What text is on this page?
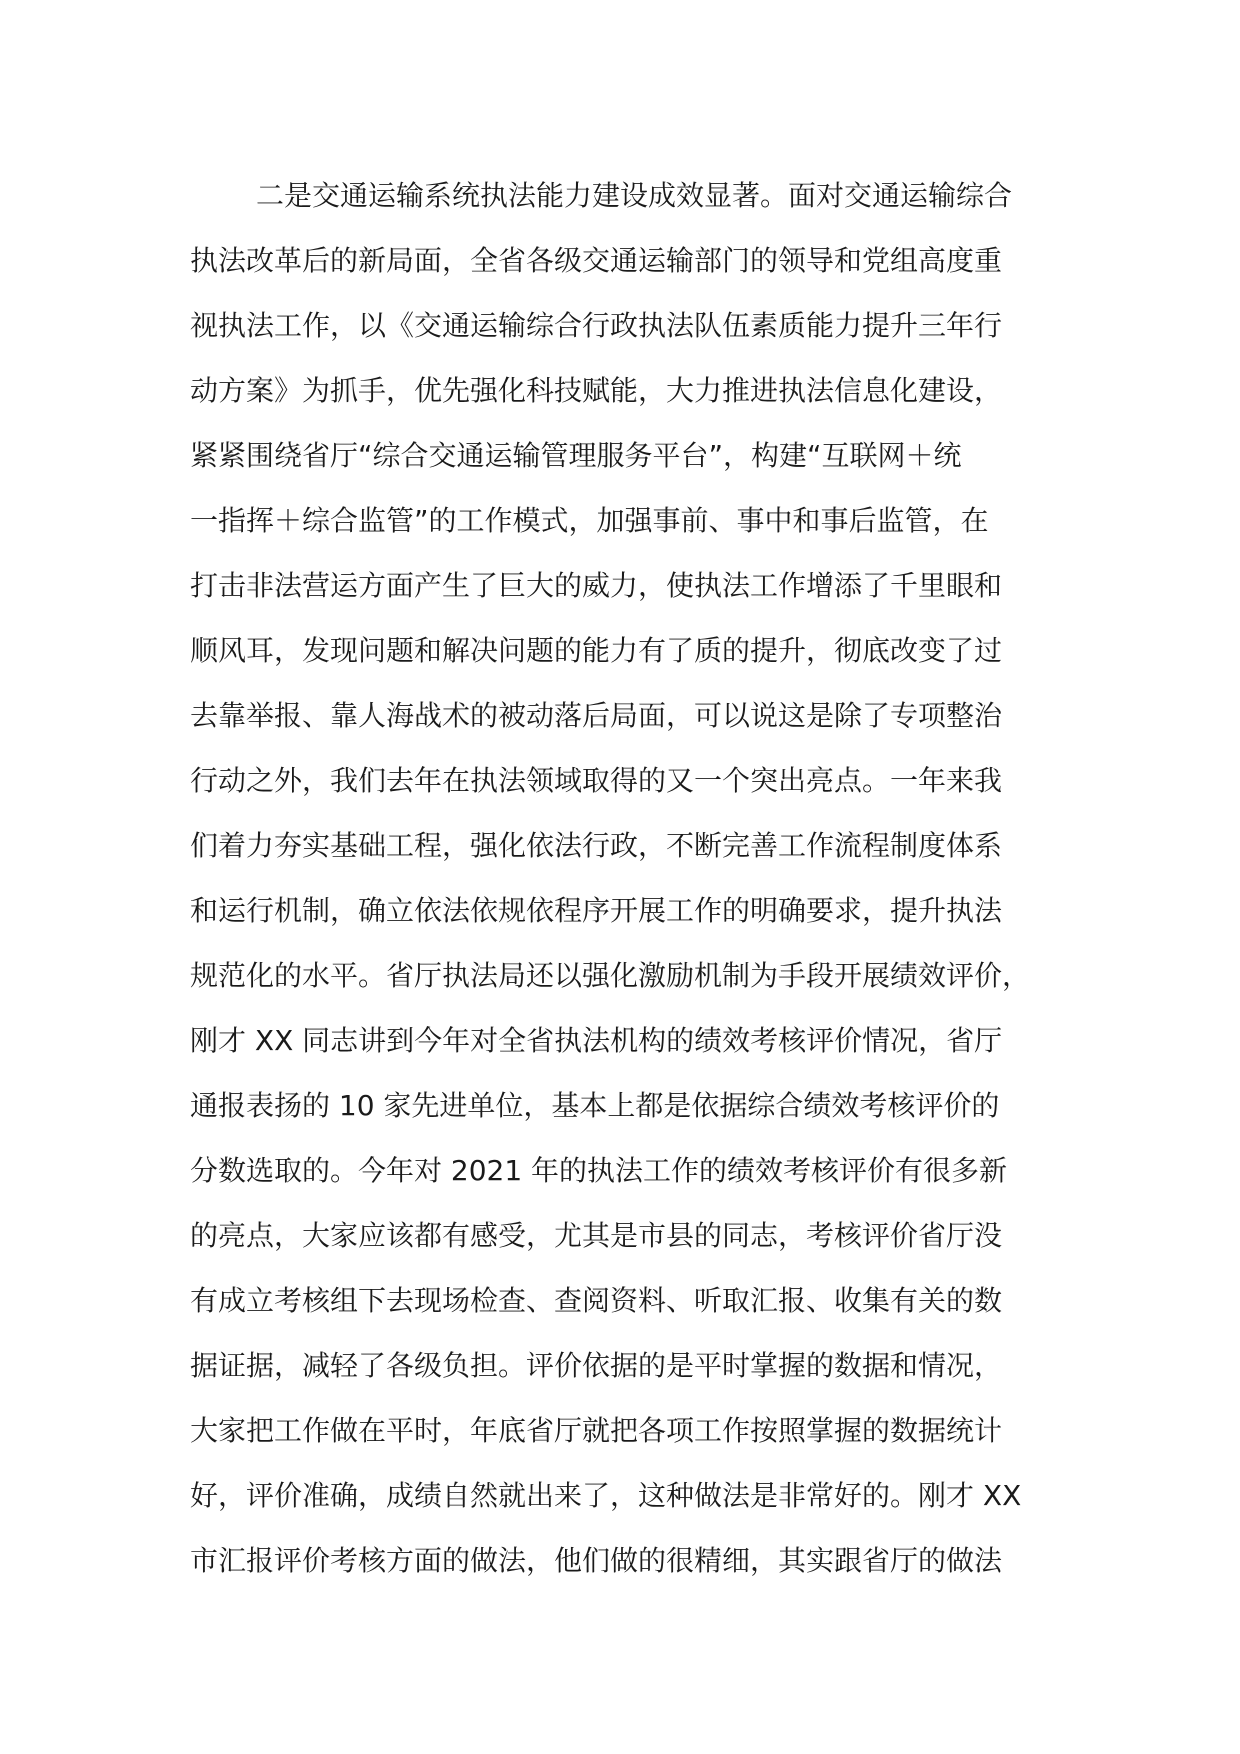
二是交通运输系统执法能力建设成效显著。面对交通运输综合
执法改革后的新局面，全省各级交通运输部门的领导和党组高度重
视执法工作，以《交通运输综合行政执法队伍素质能力提升三年行
动方案》为抓手，优先强化科技赋能，大力推进执法信息化建设，
紧紧围绕省厅“综合交通运输管理服务平台”，构建“互联网＋统
一指挥＋综合监管”的工作模式，加强事前、事中和事后监管，在
打击非法营运方面产生了巨大的威力，使执法工作增添了千里眼和
顺风耳，发现问题和解决问题的能力有了质的提升，彻底改变了过
去靠举报、靠人海战术的被动落后局面，可以说这是除了专项整治
行动之外，我们去年在执法领域取得的又一个突出亮点。一年来我
们着力夯实基础工程，强化依法行政，不断完善工作流程制度体系
和运行机制，确立依法依规依程序开展工作的明确要求，提升执法
规范化的水平。省厅执法局还以强化激励机制为手段开展绩效评价，
刚才 XX 同志讲到今年对全省执法机构的绩效考核评价情况，省厅
通报表扬的 10 家先进单位，基本上都是依据综合绩效考核评价的
分数选取的。今年对 2021 年的执法工作的绩效考核评价有很多新
的亮点，大家应该都有感受，尤其是市县的同志，考核评价省厅没
有成立考核组下去现场检查、查阅资料、听取汇报、收集有关的数
据证据，减轻了各级负担。评价依据的是平时掌握的数据和情况，
大家把工作做在平时，年底省厅就把各项工作按照掌握的数据统计
好，评价准确，成绩自然就出来了，这种做法是非常好的。刚才 XX
市汇报评价考核方面的做法，他们做的很精细，其实跟省厅的做法
